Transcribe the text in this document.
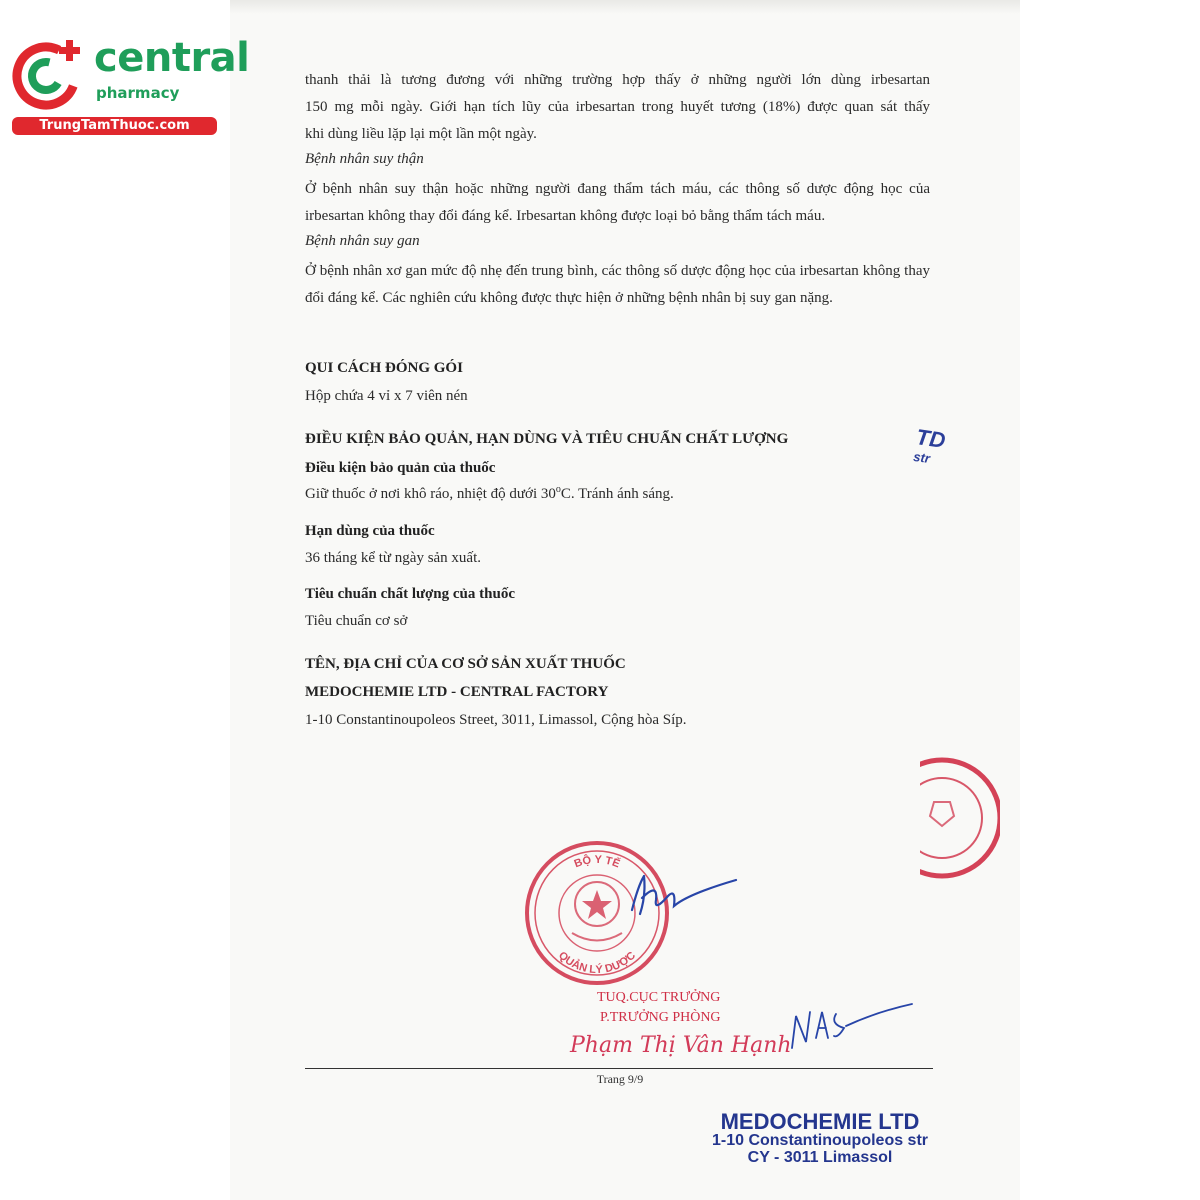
central
pharmacy
TrungTamThuoc.com
thanh thải là tương đương với những trường hợp thấy ở những người lớn dùng irbesartan
150 mg mỗi ngày. Giới hạn tích lũy của irbesartan trong huyết tương (18%) được quan sát thấy
khi dùng liều lặp lại một lần một ngày.
Bệnh nhân suy thận
Ở bệnh nhân suy thận hoặc những người đang thẩm tách máu, các thông số dược động học của irbesartan không thay đổi đáng kể. Irbesartan không được loại bỏ bằng thẩm tách máu.
Bệnh nhân suy gan
Ở bệnh nhân xơ gan mức độ nhẹ đến trung bình, các thông số dược động học của irbesartan không thay đổi đáng kể. Các nghiên cứu không được thực hiện ở những bệnh nhân bị suy gan nặng.
QUI CÁCH ĐÓNG GÓI
Hộp chứa 4 vỉ x 7 viên nén
ĐIỀU KIỆN BẢO QUẢN, HẠN DÙNG VÀ TIÊU CHUẨN CHẤT LƯỢNG
Điều kiện bảo quản của thuốc
Giữ thuốc ở nơi khô ráo, nhiệt độ dưới 30$^o$C. Tránh ánh sáng.
Hạn dùng của thuốc
36 tháng kể từ ngày sản xuất.
Tiêu chuẩn chất lượng của thuốc
Tiêu chuẩn cơ sở
TÊN, ĐỊA CHỈ CỦA CƠ SỞ SẢN XUẤT THUỐC
MEDOCHEMIE LTD - CENTRAL FACTORY
1-10 Constantinoupoleos Street, 3011, Limassol, Cộng hòa Síp.
TD
str
BỘ Y TẾ
QUẢN LÝ DƯỢC
TUQ.CỤC TRƯỞNG
P.TRƯỞNG PHÒNG
Phạm Thị Vân Hạnh
Trang 9/9
MEDOCHEMIE LTD
1-10 Constantinoupoleos str
CY - 3011 Limassol
